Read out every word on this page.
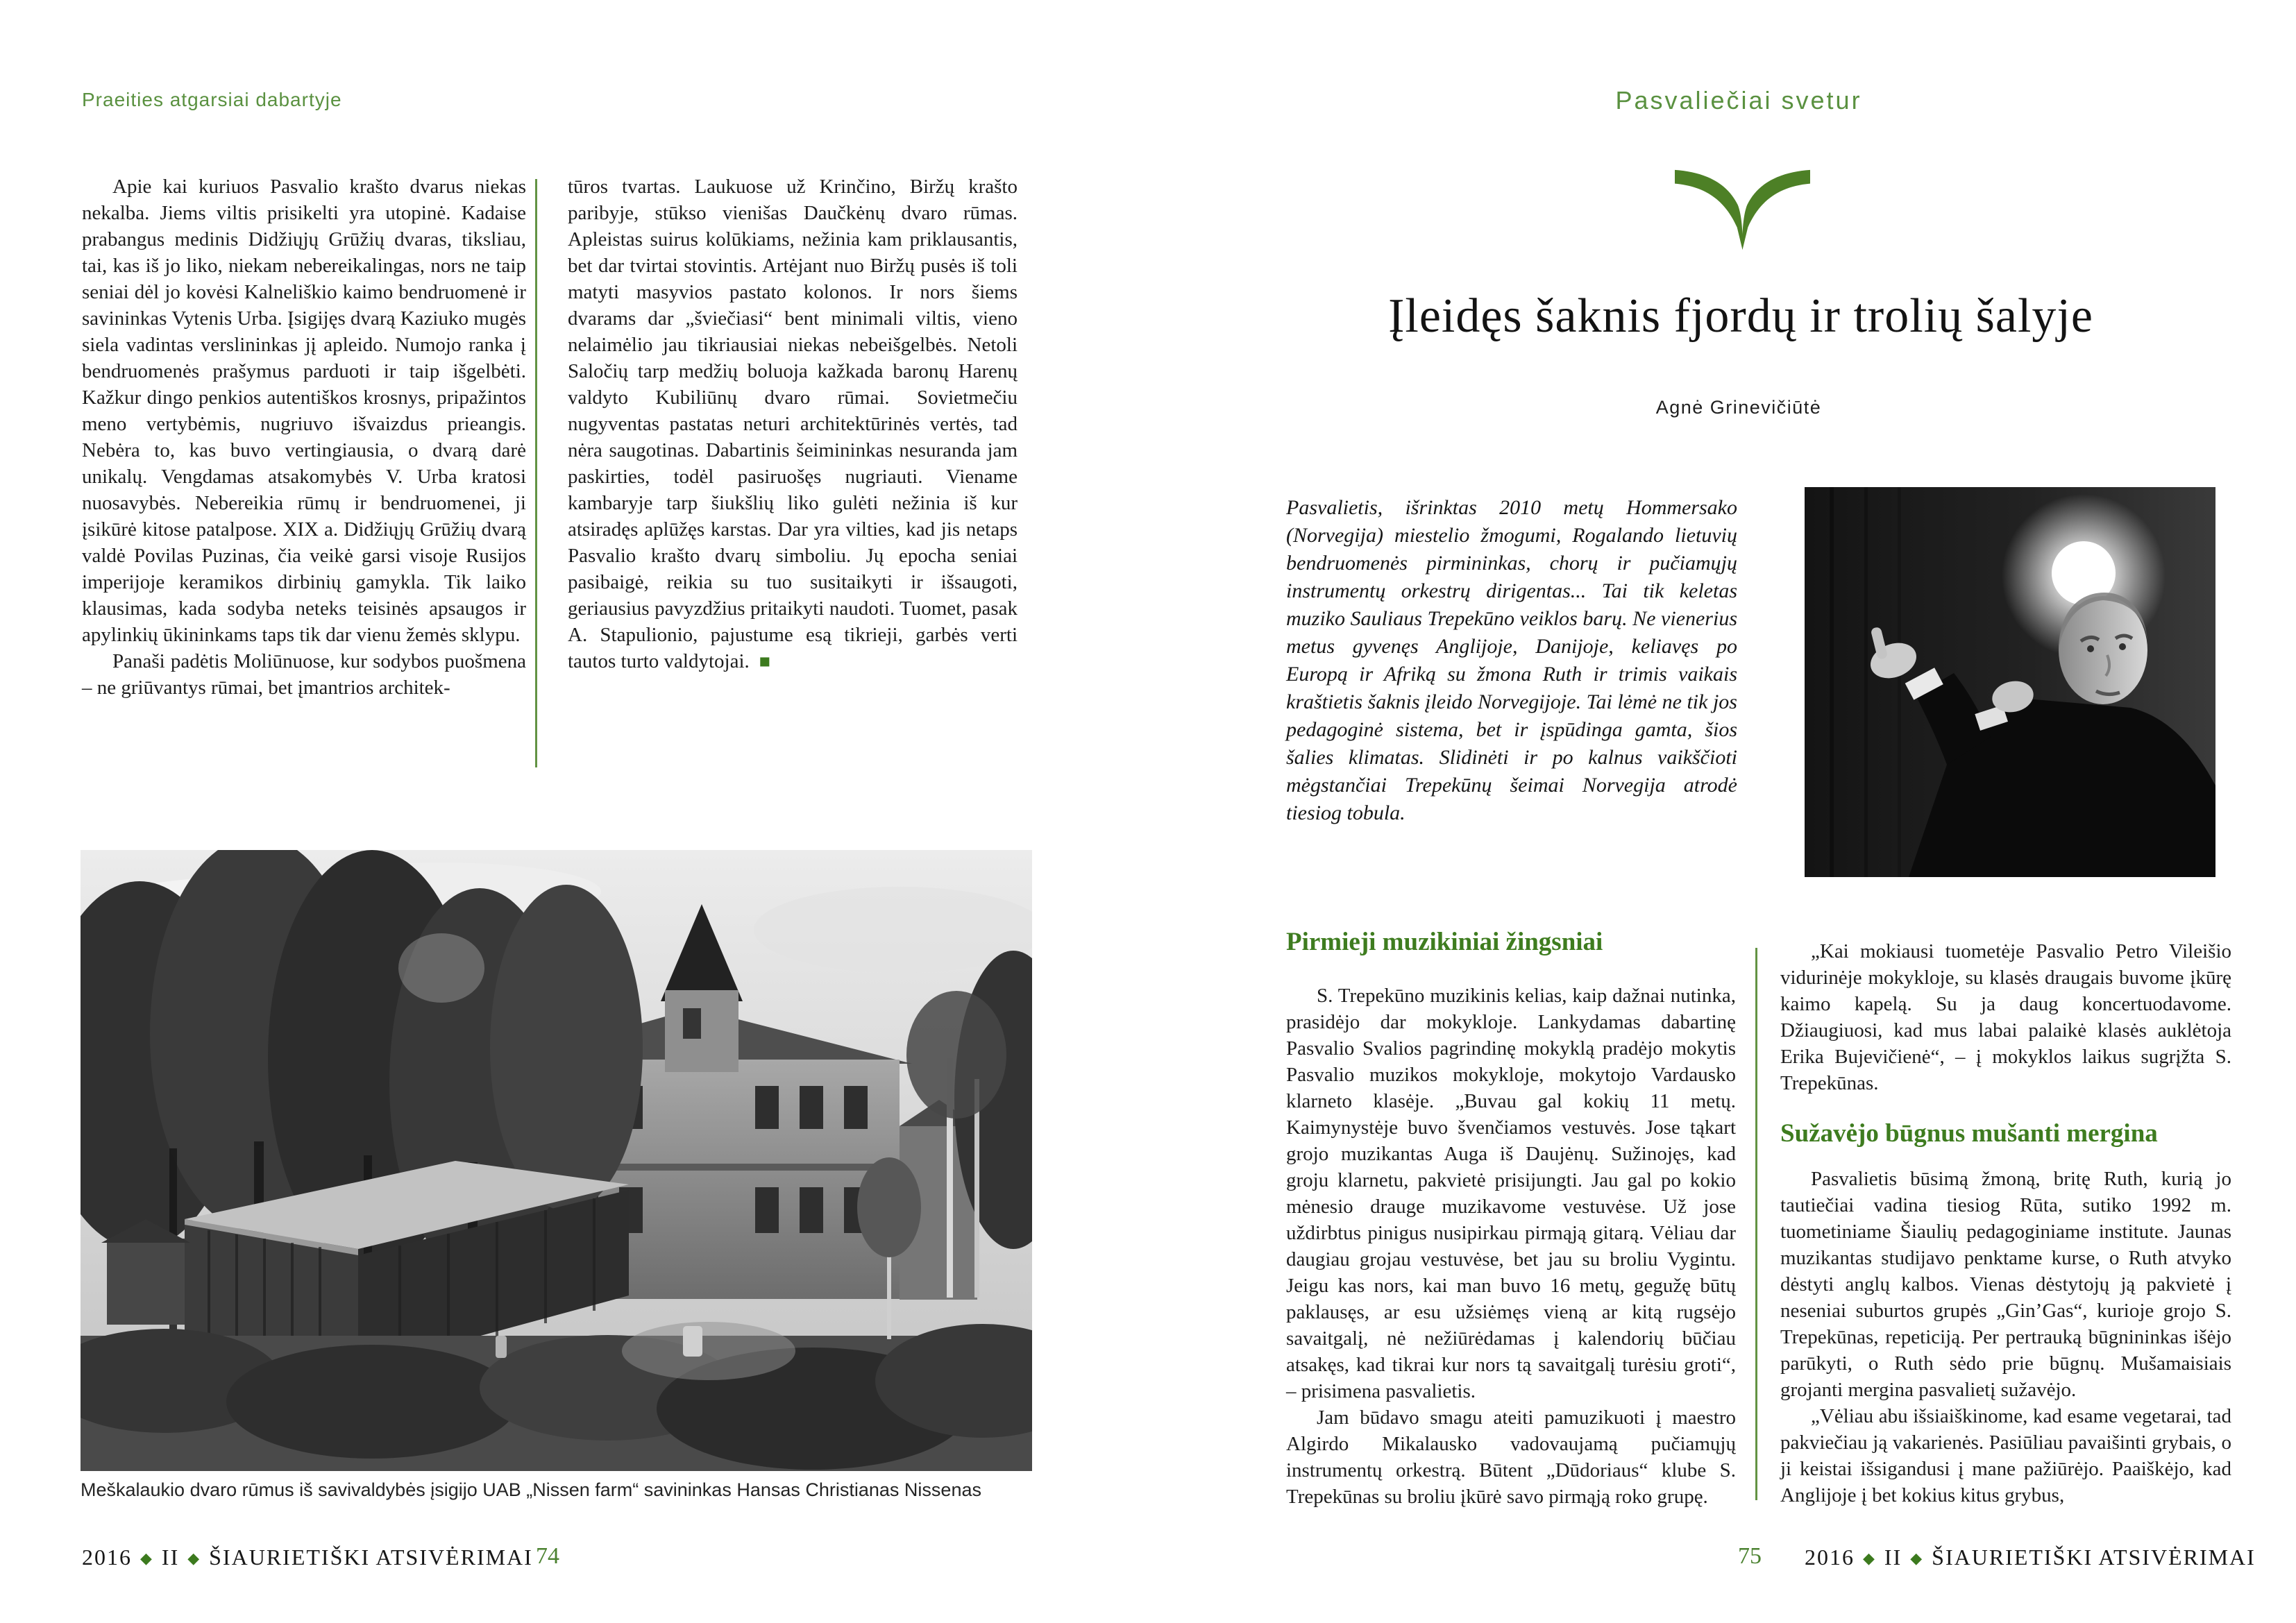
Praeities atgarsiai dabartyje

Apie kai kuriuos Pasvalio krašto dvarus niekas nekalba. Jiems viltis prisikelti yra utopinė. Kadaise prabangus medinis Didžiųjų Grūžių dvaras, tiksliau, tai, kas iš jo liko, niekam nebereikalingas, nors ne taip seniai dėl jo kovėsi Kalneliškio kaimo bendruomenė ir savininkas Vytenis Urba. Įsigijęs dvarą Kaziuko mugės siela vadintas verslininkas jį apleido. Numojo ranka į bendruomenės prašymus parduoti ir taip išgelbėti. Kažkur dingo penkios autentiškos krosnys, pripažintos meno vertybėmis, nugriuvo išvaizdus prieangis. Nebėra to, kas buvo vertingiausia, o dvarą darė unikalų. Vengdamas atsakomybės V. Urba kratosi nuosavybės. Nebereikia rūmų ir bendruomenei, ji įsikūrė kitose patalpose. XIX a. Didžiųjų Grūžių dvarą valdė Povilas Puzinas, čia veikė garsi visoje Rusijos imperijoje keramikos dirbinių gamykla. Tik laiko klausimas, kada sodyba neteks teisinės apsaugos ir apylinkių ūkininkams taps tik dar vienu žemės sklypu.

Panaši padėtis Moliūnuose, kur sodybos puošmena – ne griūvantys rūmai, bet įmantrios architek-

tūros tvartas. Laukuose už Krinčino, Biržų krašto paribyje, stūkso vienišas Daučkėnų dvaro rūmas. Apleistas suirus kolūkiams, nežinia kam priklausantis, bet dar tvirtai stovintis. Artėjant nuo Biržų pusės iš toli matyti masyvios pastato kolonos. Ir nors šiems dvarams dar „šviečiasi“ bent minimali viltis, vieno nelaimėlio jau tikriausiai niekas nebeišgelbės. Netoli Saločių tarp medžių boluoja kažkada baronų Harenų valdyto Kubiliūnų dvaro rūmai. Sovietmečiu nugyventas pastatas neturi architektūrinės vertės, tad nėra saugotinas. Dabartinis šeimininkas nesuranda jam paskirties, todėl pasiruošęs nugriauti. Viename kambaryje tarp šiukšlių liko gulėti nežinia iš kur atsiradęs aplūžęs karstas. Dar yra vilties, kad jis netaps Pasvalio krašto dvarų simboliu. Jų epocha seniai pasibaigė, reikia su tuo susitaikyti ir išsaugoti, geriausius pavyzdžius pritaikyti naudoti. Tuomet, pasak A. Stapulionio, pajustume esą tikrieji, garbės verti tautos turto valdytojai. ■

Meškalaukio dvaro rūmus iš savivaldybės įsigijo UAB „Nissen farm“ savininkas Hansas Christianas Nissenas
2016 ◆ II ◆ ŠIAURIETIŠKI ATSIVĖRIMAI 74
Pasvaliečiai svetur
Įleidęs šaknis fjordų ir trolių šalyje
Agnė Grinevičiūtė
Pasvalietis, išrinktas 2010 metų Hommersako (Norvegija) miestelio žmogumi, Rogalando lietuvių bendruomenės pirmininkas, chorų ir pučiamųjų instrumentų orkestrų dirigentas... Tai tik keletas muziko Sauliaus Trepekūno veiklos barų. Ne vienerius metus gyvenęs Anglijoje, Danijoje, keliavęs po Europą ir Afriką su žmona Ruth ir trimis vaikais kraštietis šaknis įleido Norvegijoje. Tai lėmė ne tik jos pedagoginė sistema, bet ir įspūdinga gamta, šios šalies klimatas. Slidinėti ir po kalnus vaikščioti mėgstančiai Trepekūnų šeimai Norvegija atrodė tiesiog tobula.
Pirmieji muzikiniai žingsniai

S. Trepekūno muzikinis kelias, kaip dažnai nutinka, prasidėjo dar mokykloje. Lankydamas dabartinę Pasvalio Svalios pagrindinę mokyklą pradėjo mokytis Pasvalio muzikos mokykloje, mokytojo Vardausko klarneto klasėje. „Buvau gal kokių 11 metų. Kaimynystėje buvo švenčiamos vestuvės. Jose tąkart grojo muzikantas Auga iš Daujėnų. Sužinojęs, kad groju klarnetu, pakvietė prisijungti. Jau gal po kokio mėnesio drauge muzikavome vestuvėse. Už jose uždirbtus pinigus nusipirkau pirmąją gitarą. Vėliau dar daugiau grojau vestuvėse, bet jau su broliu Vygintu. Jeigu kas nors, kai man buvo 16 metų, gegužę būtų paklausęs, ar esu užsiėmęs vieną ar kitą rugsėjo savaitgalį, nė nežiūrėdamas į kalendorių būčiau atsakęs, kad tikrai kur nors tą savaitgalį turėsiu groti“, – prisimena pasvalietis.

Jam būdavo smagu ateiti pamuzikuoti į maestro Algirdo Mikalausko vadovaujamą pučiamųjų instrumentų orkestrą. Būtent „Dūdoriaus“ klube S. Trepekūnas su broliu įkūrė savo pirmąją roko grupę.

„Kai mokiausi tuometėje Pasvalio Petro Vileišio vidurinėje mokykloje, su klasės draugais buvome įkūrę kaimo kapelą. Su ja daug koncertuodavome. Džiaugiuosi, kad mus labai palaikė klasės auklėtoja Erika Bujevičienė“, – į mokyklos laikus sugrįžta S. Trepekūnas.

Sužavėjo būgnus mušanti mergina

Pasvalietis būsimą žmoną, britę Ruth, kurią jo tautiečiai vadina tiesiog Rūta, sutiko 1992 m. tuometiniame Šiaulių pedagoginiame institute. Jaunas muzikantas studijavo penktame kurse, o Ruth atvyko dėstyti anglų kalbos. Vienas dėstytojų ją pakvietė į neseniai suburtos grupės „Gin’Gas“, kurioje grojo S. Trepekūnas, repeticiją. Per pertrauką būgnininkas išėjo parūkyti, o Ruth sėdo prie būgnų. Mušamaisiais grojanti mergina pasvalietį sužavėjo.

„Vėliau abu išsiaiškinome, kad esame vegetarai, tad pakviečiau ją vakarienės. Pasiūliau pavaišinti grybais, o ji keistai išsigandusi į mane pažiūrėjo. Paaiškėjo, kad Anglijoje į bet kokius kitus grybus,

75 2016 ◆ II ◆ ŠIAURIETIŠKI ATSIVĖRIMAI
